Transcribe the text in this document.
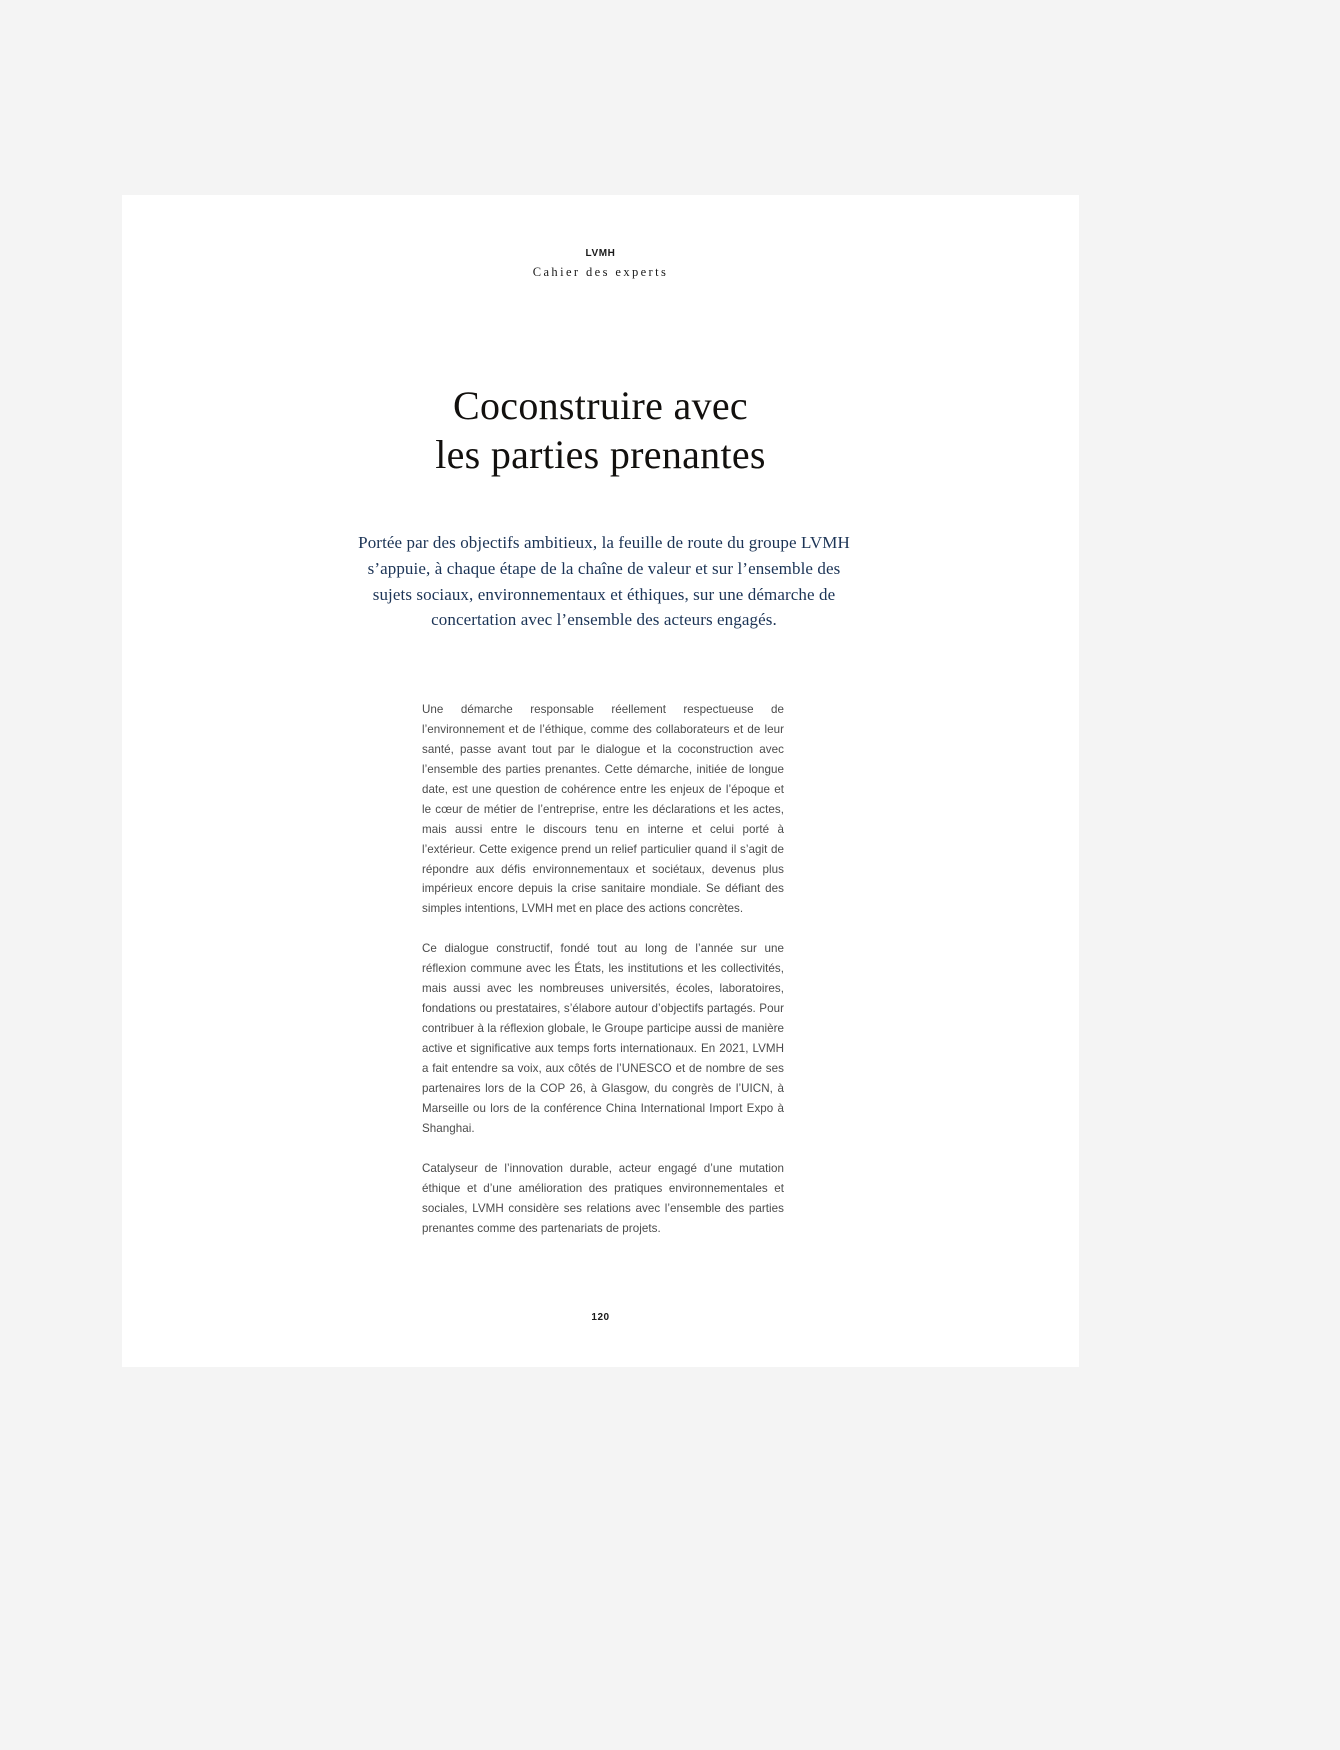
LVMH
Cahier des experts
Coconstruire avec
les parties prenantes
Portée par des objectifs ambitieux, la feuille de route du groupe LVMH s’appuie, à chaque étape de la chaîne de valeur et sur l’ensemble des sujets sociaux, environnementaux et éthiques, sur une démarche de concertation avec l’ensemble des acteurs engagés.

Une démarche responsable réellement respectueuse de l’environnement et de l’éthique, comme des collaborateurs et de leur santé, passe avant tout par le dialogue et la coconstruction avec l’ensemble des parties prenantes. Cette démarche, initiée de longue date, est une question de cohérence entre les enjeux de l’époque et le cœur de métier de l’entreprise, entre les déclarations et les actes, mais aussi entre le discours tenu en interne et celui porté à l’extérieur. Cette exigence prend un relief particulier quand il s’agit de répondre aux défis environnementaux et sociétaux, devenus plus impérieux encore depuis la crise sanitaire mondiale. Se défiant des simples intentions, LVMH met en place des actions concrètes.

Ce dialogue constructif, fondé tout au long de l’année sur une réflexion commune avec les États, les institutions et les collectivités, mais aussi avec les nombreuses universités, écoles, laboratoires, fondations ou prestataires, s’élabore autour d’objectifs partagés. Pour contribuer à la réflexion globale, le Groupe participe aussi de manière active et significative aux temps forts internationaux. En 2021, LVMH a fait entendre sa voix, aux côtés de l’UNESCO et de nombre de ses partenaires lors de la COP 26, à Glasgow, du congrès de l’UICN, à Marseille ou lors de la conférence China International Import Expo à Shanghai.

Catalyseur de l’innovation durable, acteur engagé d’une mutation éthique et d’une amélioration des pratiques environnementales et sociales, LVMH considère ses relations avec l’ensemble des parties prenantes comme des partenariats de projets.

120
